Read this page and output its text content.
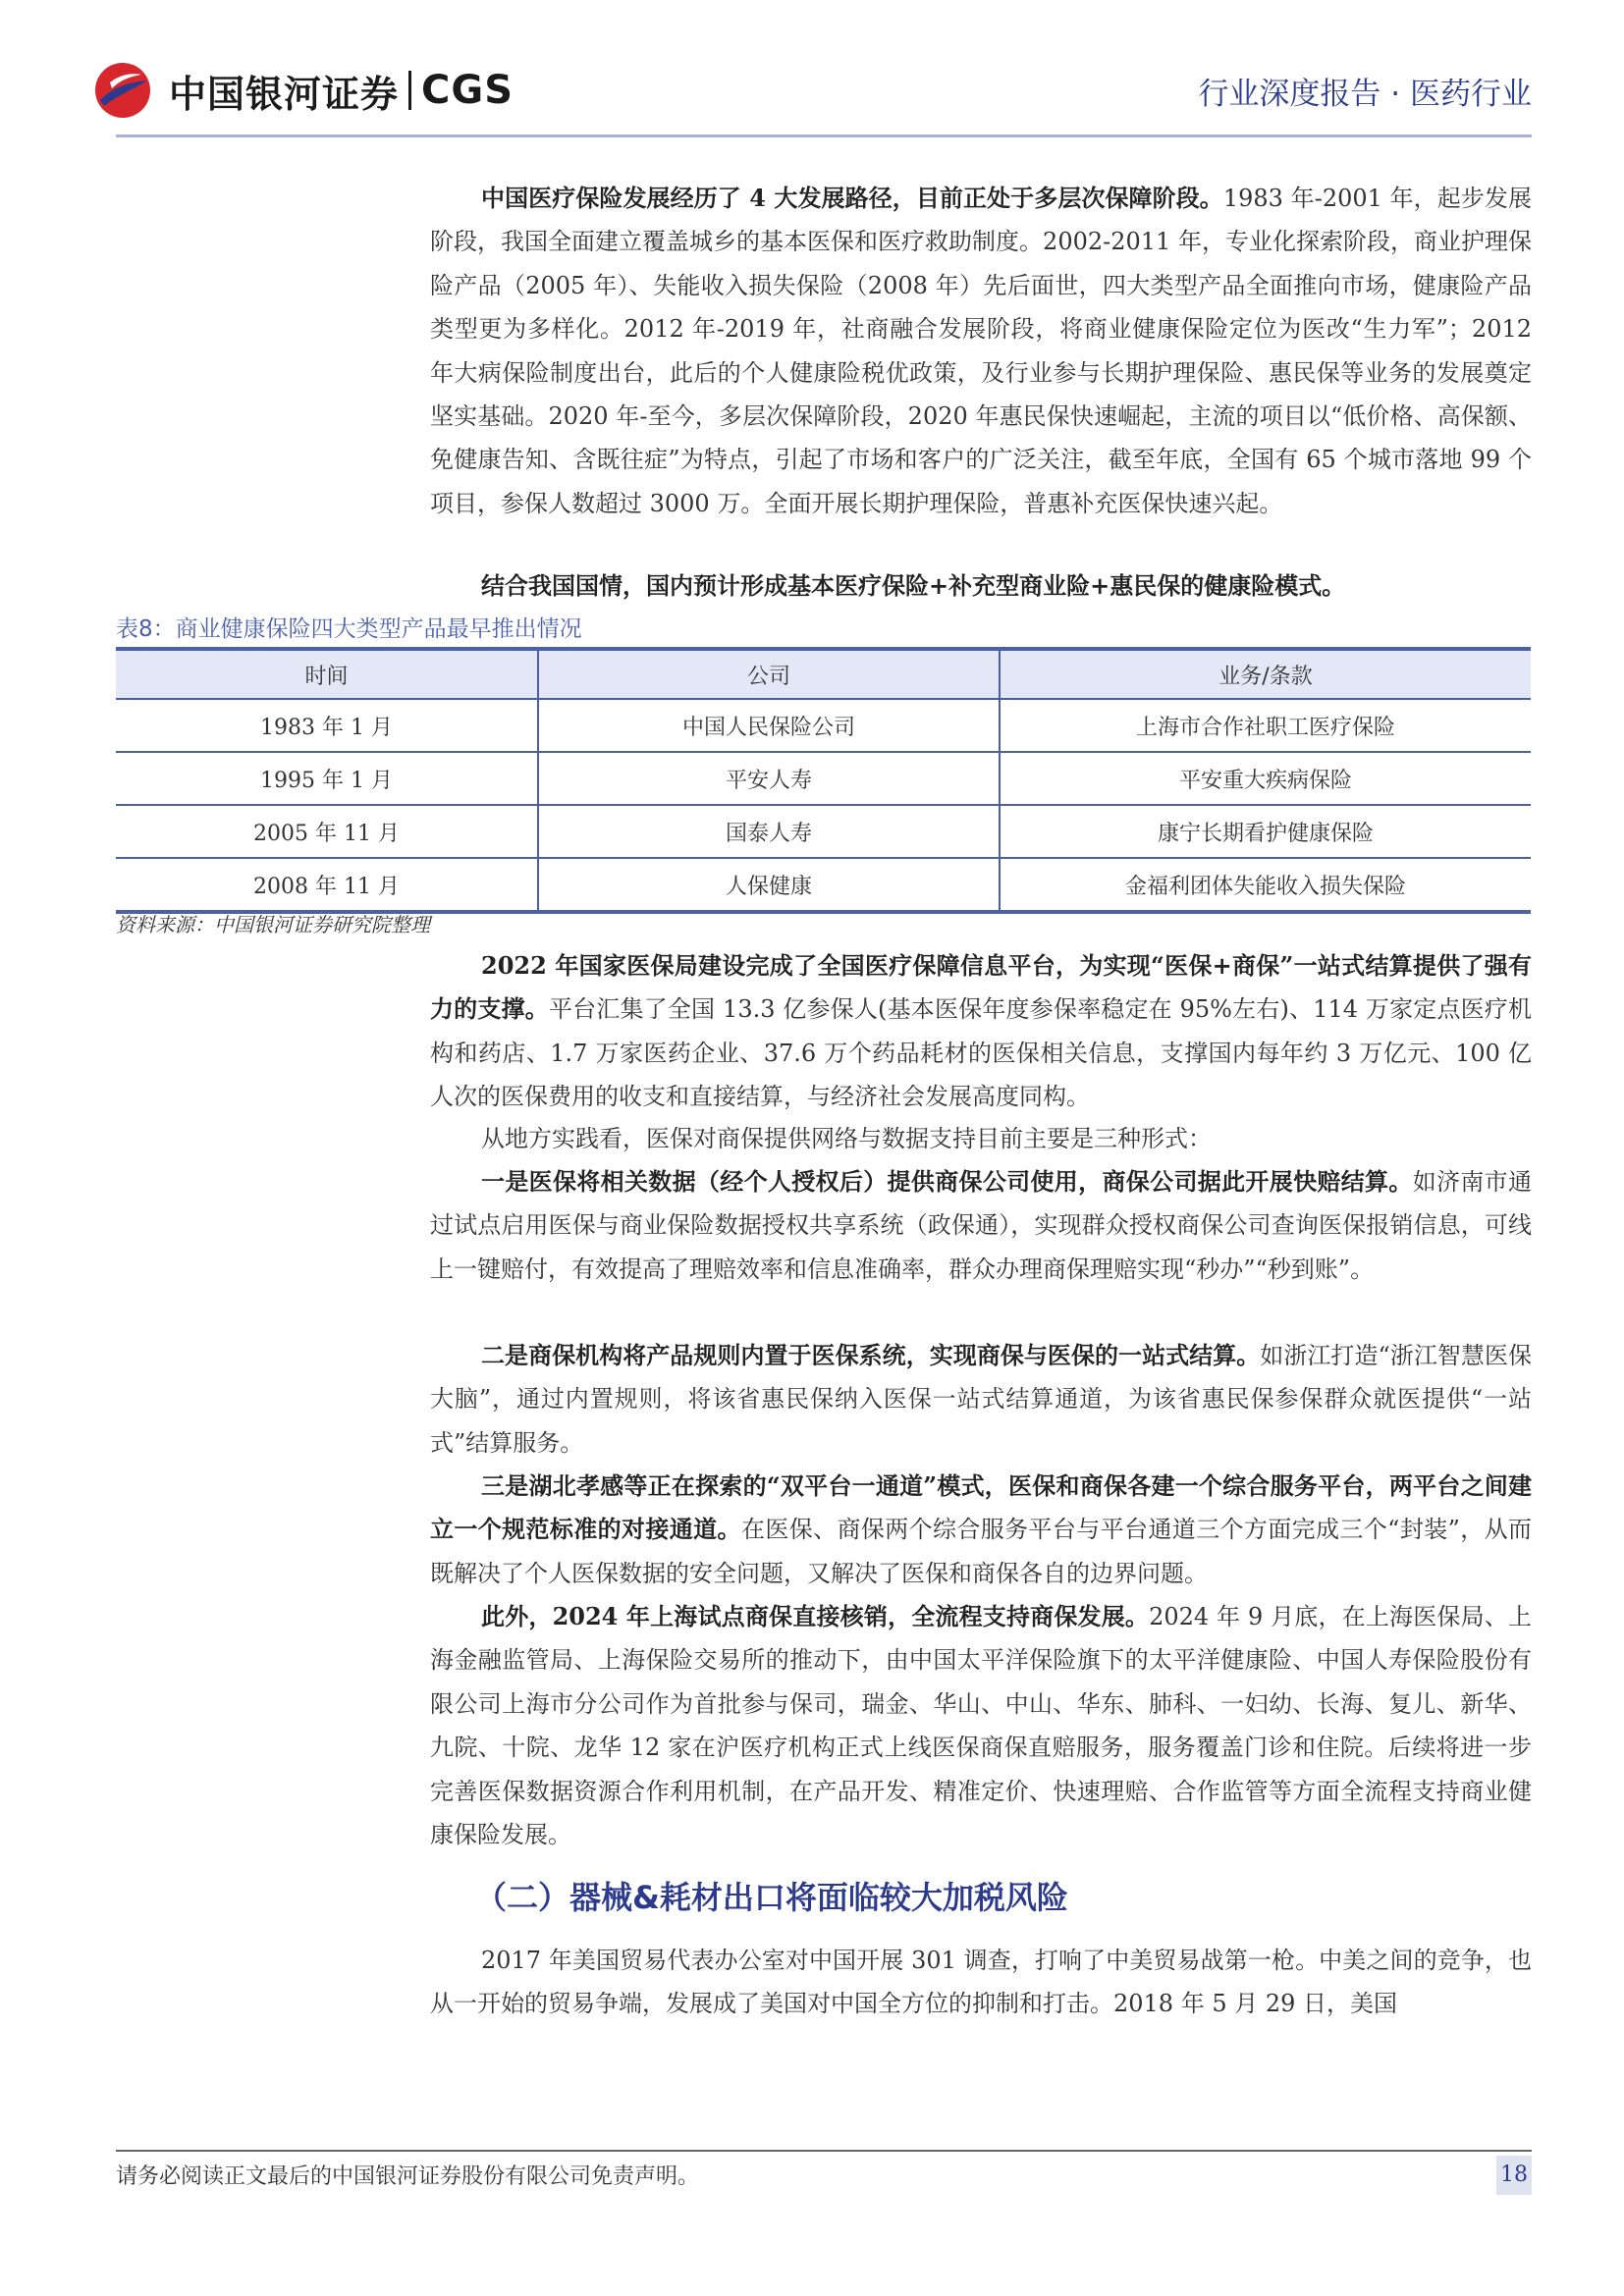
中国银河证券 CGS	行业深度报告 · 医药行业

中国医疗保险发展经历了 4 大发展路径，目前正处于多层次保障阶段。1983 年-2001 年，起步发展阶段，我国全面建立覆盖城乡的基本医保和医疗救助制度。2002-2011 年，专业化探索阶段，商业护理保险产品（2005 年）、失能收入损失保险（2008 年）先后面世，四大类型产品全面推向市场，健康险产品类型更为多样化。2012 年-2019 年，社商融合发展阶段，将商业健康保险定位为医改“生力军”；2012 年大病保险制度出台，此后的个人健康险税优政策，及行业参与长期护理保险、惠民保等业务的发展奠定坚实基础。2020 年-至今，多层次保障阶段，2020 年惠民保快速崛起，主流的项目以“低价格、高保额、免健康告知、含既往症”为特点，引起了市场和客户的广泛关注，截至年底，全国有 65 个城市落地 99 个项目，参保人数超过 3000 万。全面开展长期护理保险，普惠补充医保快速兴起。

结合我国国情，国内预计形成基本医疗保险+补充型商业险+惠民保的健康险模式。

表8：商业健康保险四大类型产品最早推出情况
时间	公司	业务/条款
1983 年 1 月	中国人民保险公司	上海市合作社职工医疗保险
1995 年 1 月	平安人寿	平安重大疾病保险
2005 年 11 月	国泰人寿	康宁长期看护健康保险
2008 年 11 月	人保健康	金福利团体失能收入损失保险
资料来源：中国银河证券研究院整理

2022 年国家医保局建设完成了全国医疗保障信息平台，为实现“医保+商保”一站式结算提供了强有力的支撑。平台汇集了全国 13.3 亿参保人(基本医保年度参保率稳定在 95%左右)、114 万家定点医疗机构和药店、1.7 万家医药企业、37.6 万个药品耗材的医保相关信息，支撑国内每年约 3 万亿元、100 亿人次的医保费用的收支和直接结算，与经济社会发展高度同构。

从地方实践看，医保对商保提供网络与数据支持目前主要是三种形式：

一是医保将相关数据（经个人授权后）提供商保公司使用，商保公司据此开展快赔结算。如济南市通过试点启用医保与商业保险数据授权共享系统（政保通），实现群众授权商保公司查询医保报销信息，可线上一键赔付，有效提高了理赔效率和信息准确率，群众办理商保理赔实现“秒办”“秒到账”。

二是商保机构将产品规则内置于医保系统，实现商保与医保的一站式结算。如浙江打造“浙江智慧医保大脑”，通过内置规则，将该省惠民保纳入医保一站式结算通道，为该省惠民保参保群众就医提供“一站式”结算服务。

三是湖北孝感等正在探索的“双平台一通道”模式，医保和商保各建一个综合服务平台，两平台之间建立一个规范标准的对接通道。在医保、商保两个综合服务平台与平台通道三个方面完成三个“封装”，从而既解决了个人医保数据的安全问题，又解决了医保和商保各自的边界问题。

此外，2024 年上海试点商保直接核销，全流程支持商保发展。2024 年 9 月底，在上海医保局、上海金融监管局、上海保险交易所的推动下，由中国太平洋保险旗下的太平洋健康险、中国人寿保险股份有限公司上海市分公司作为首批参与保司，瑞金、华山、中山、华东、肺科、一妇幼、长海、复儿、新华、九院、十院、龙华 12 家在沪医疗机构正式上线医保商保直赔服务，服务覆盖门诊和住院。后续将进一步完善医保数据资源合作利用机制，在产品开发、精准定价、快速理赔、合作监管等方面全流程支持商业健康保险发展。

（二）器械&耗材出口将面临较大加税风险

2017 年美国贸易代表办公室对中国开展 301 调查，打响了中美贸易战第一枪。中美之间的竞争，也从一开始的贸易争端，发展成了美国对中国全方位的抑制和打击。2018 年 5 月 29 日，美国

请务必阅读正文最后的中国银河证券股份有限公司免责声明。	18
